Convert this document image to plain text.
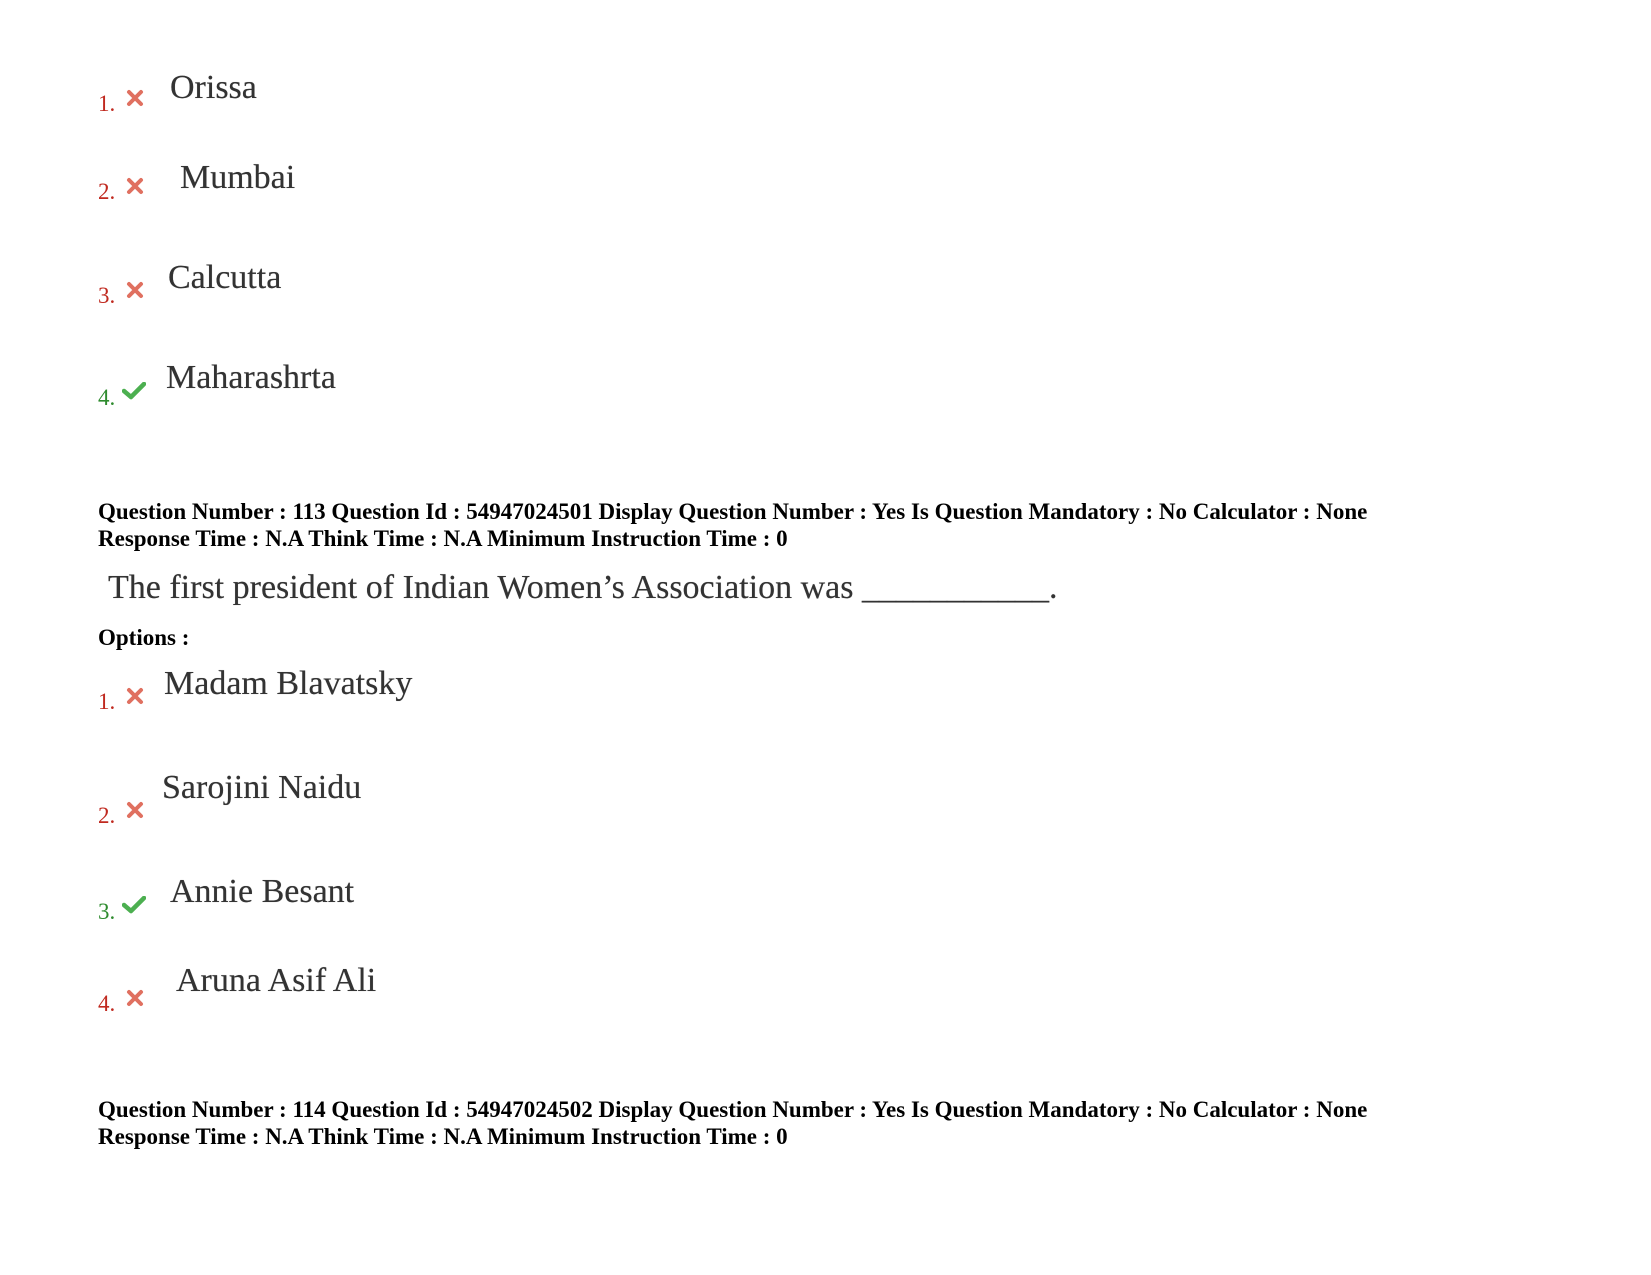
1. Orissa
2. Mumbai
3. Calcutta
4.
Maharashrta
Question Number : 113 Question Id : 54947024501 Display Question Number : Yes Is Question Mandatory : No Calculator : None
Response Time : N.A Think Time : N.A Minimum Instruction Time : 0
The first president of Indian Women’s Association was ___________.
Options :
1. Madam Blavatsky
2.
Sarojini Naidu
3.
Annie Besant
4.
Aruna Asif Ali
Question Number : 114 Question Id : 54947024502 Display Question Number : Yes Is Question Mandatory : No Calculator : None
Response Time : N.A Think Time : N.A Minimum Instruction Time : 0
